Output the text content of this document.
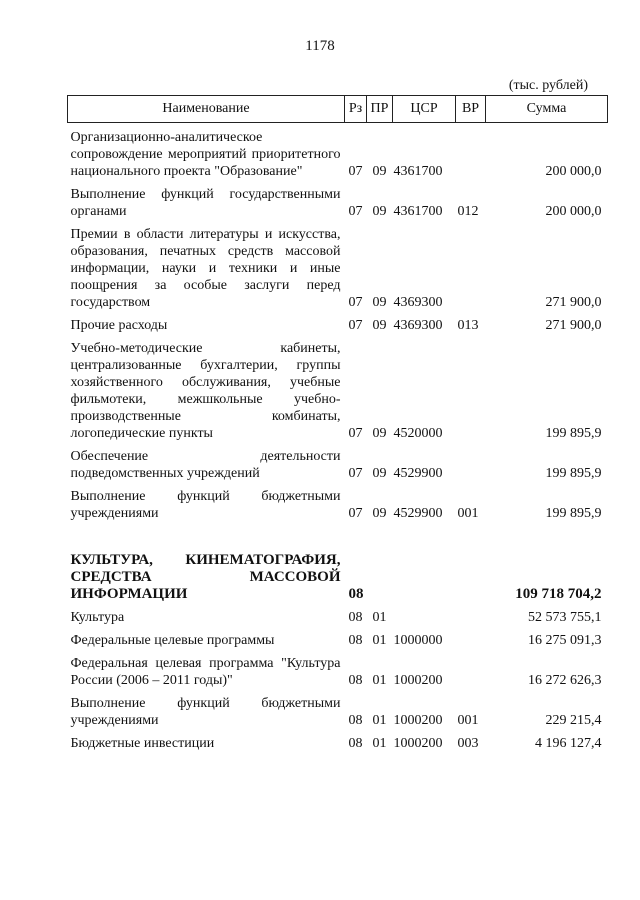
1178
(тыс. рублей)
Наименование	Рз	ПР	ЦСР	ВР	Сумма
Организационно-аналитическое сопровождение мероприятий приоритетного национального проекта "Образование"	07	09	4361700		200 000,0
Выполнение функций государственными органами	07	09	4361700	012	200 000,0
Премии в области литературы и искусства, образования, печатных средств массовой информации, науки и техники и иные поощрения за особые заслуги перед государством	07	09	4369300		271 900,0
Прочие расходы	07	09	4369300	013	271 900,0
Учебно-методические кабинеты, централизованные бухгалтерии, группы хозяйственного обслуживания, учебные фильмотеки, межшкольные учебно-производственные комбинаты, логопедические пункты	07	09	4520000		199 895,9
Обеспечение деятельности подведомственных учреждений	07	09	4529900		199 895,9
Выполнение функций бюджетными учреждениями	07	09	4529900	001	199 895,9

КУЛЬТУРА, КИНЕМАТОГРАФИЯ, СРЕДСТВА МАССОВОЙ ИНФОРМАЦИИ	08				109 718 704,2
Культура	08	01			52 573 755,1
Федеральные целевые программы	08	01	1000000		16 275 091,3
Федеральная целевая программа "Культура России (2006 – 2011 годы)"	08	01	1000200		16 272 626,3
Выполнение функций бюджетными учреждениями	08	01	1000200	001	229 215,4
Бюджетные инвестиции	08	01	1000200	003	4 196 127,4
